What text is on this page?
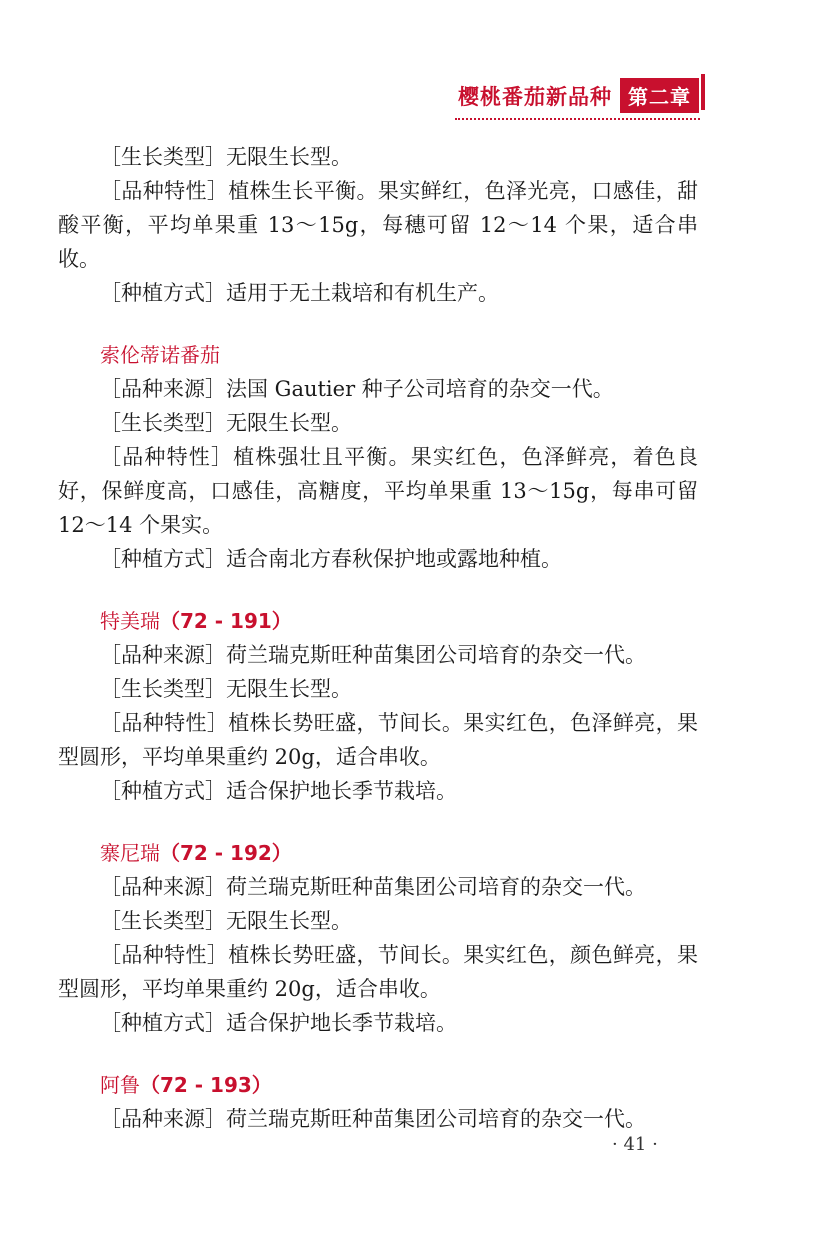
樱桃番茄新品种 第二章

［生长类型］无限生长型。

［品种特性］植株生长平衡。果实鲜红，色泽光亮，口感佳，甜酸平衡，平均单果重 13～15g，每穗可留 12～14 个果，适合串收。

［种植方式］适用于无土栽培和有机生产。

索伦蒂诺番茄

［品种来源］法国 Gautier 种子公司培育的杂交一代。

［生长类型］无限生长型。

［品种特性］植株强壮且平衡。果实红色，色泽鲜亮，着色良好，保鲜度高，口感佳，高糖度，平均单果重 13～15g，每串可留 12～14 个果实。

［种植方式］适合南北方春秋保护地或露地种植。

特美瑞（72 - 191）

［品种来源］荷兰瑞克斯旺种苗集团公司培育的杂交一代。

［生长类型］无限生长型。

［品种特性］植株长势旺盛，节间长。果实红色，色泽鲜亮，果型圆形，平均单果重约 20g，适合串收。

［种植方式］适合保护地长季节栽培。

寨尼瑞（72 - 192）

［品种来源］荷兰瑞克斯旺种苗集团公司培育的杂交一代。

［生长类型］无限生长型。

［品种特性］植株长势旺盛，节间长。果实红色，颜色鲜亮，果型圆形，平均单果重约 20g，适合串收。

［种植方式］适合保护地长季节栽培。

阿鲁（72 - 193）

［品种来源］荷兰瑞克斯旺种苗集团公司培育的杂交一代。

· 41 ·
